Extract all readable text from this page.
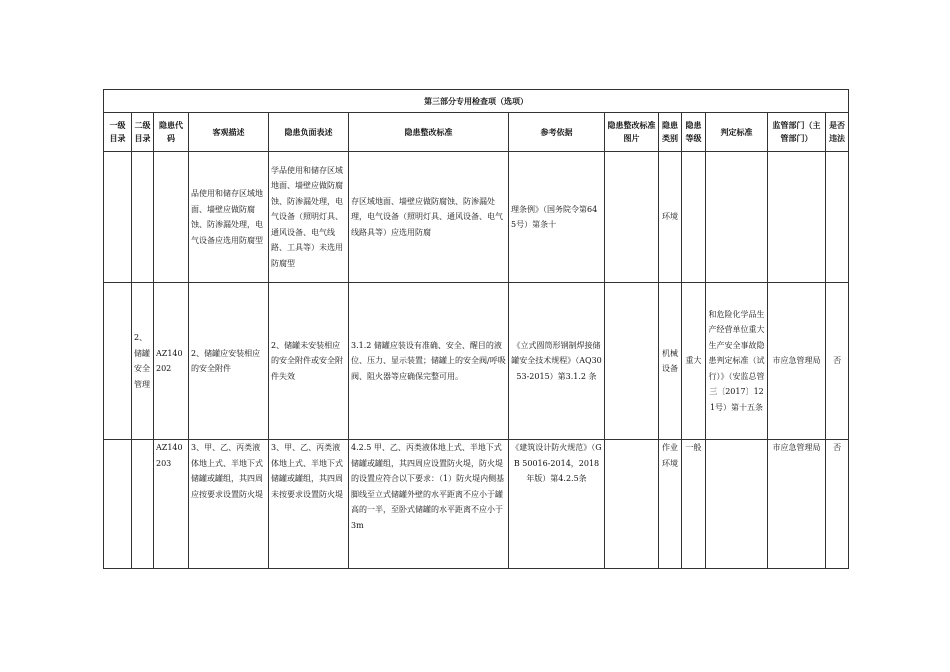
第三部分专用检查项（选项）												
一级目录	二级目录	隐患代码	客观描述	隐患负面表述	隐患整改标准	参考依据	隐患整改标准图片	隐患类别	隐患等级	判定标准	监管部门（主管部门）	是否违法
			品使用和储存区域地面、墙壁应做防腐蚀、防渗漏处理，电气设备应选用防腐型	学品使用和储存区域地面、墙壁应做防腐蚀、防渗漏处理，电气设备（照明灯具、通风设备、电气线路、工具等）未选用防腐型	存区域地面、墙壁应做防腐蚀、防渗漏处理，电气设备（照明灯具、通风设备、电气线路具等）应选用防腐	理条例》（国务院令第645号）第条十		环境				
	2、储罐安全管理	AZ140202	2、储罐应安装相应的安全附件	2、储罐未安装相应的安全附件或安全附件失效	3.1.2 储罐应装设有准确、安全、醒目的液位、压力、显示装置；储罐上的安全阀/呼吸阀、阻火器等应确保完整可用。	《立式圆筒形钢制焊接储罐安全技术规程》（AQ3053-2015）第3.1.2 条		机械设备	重大	和危险化学品生产经营单位重大生产安全事故隐患判定标准（试行）》（安监总管三〔2017〕121号）第十五条	市应急管理局	否
		AZ140203	3、甲、乙、丙类液体地上式、半地下式储罐或罐组，其四周应按要求设置防火堤	3、甲、乙、丙类液体地上式、半地下式储罐或罐组，其四周未按要求设置防火堤	4.2.5 甲、乙、丙类液体地上式、半地下式储罐或罐组，其四周应设置防火堤，防火堤的设置应符合以下要求：（1）防火堤内侧基脚线至立式储罐外壁的水平距离不应小于罐高的一半，至卧式储罐的水平距离不应小于3m	《建筑设计防火规范》（GB 50016-2014，2018年版）第4.2.5条		作业环境	一般		市应急管理局	否
